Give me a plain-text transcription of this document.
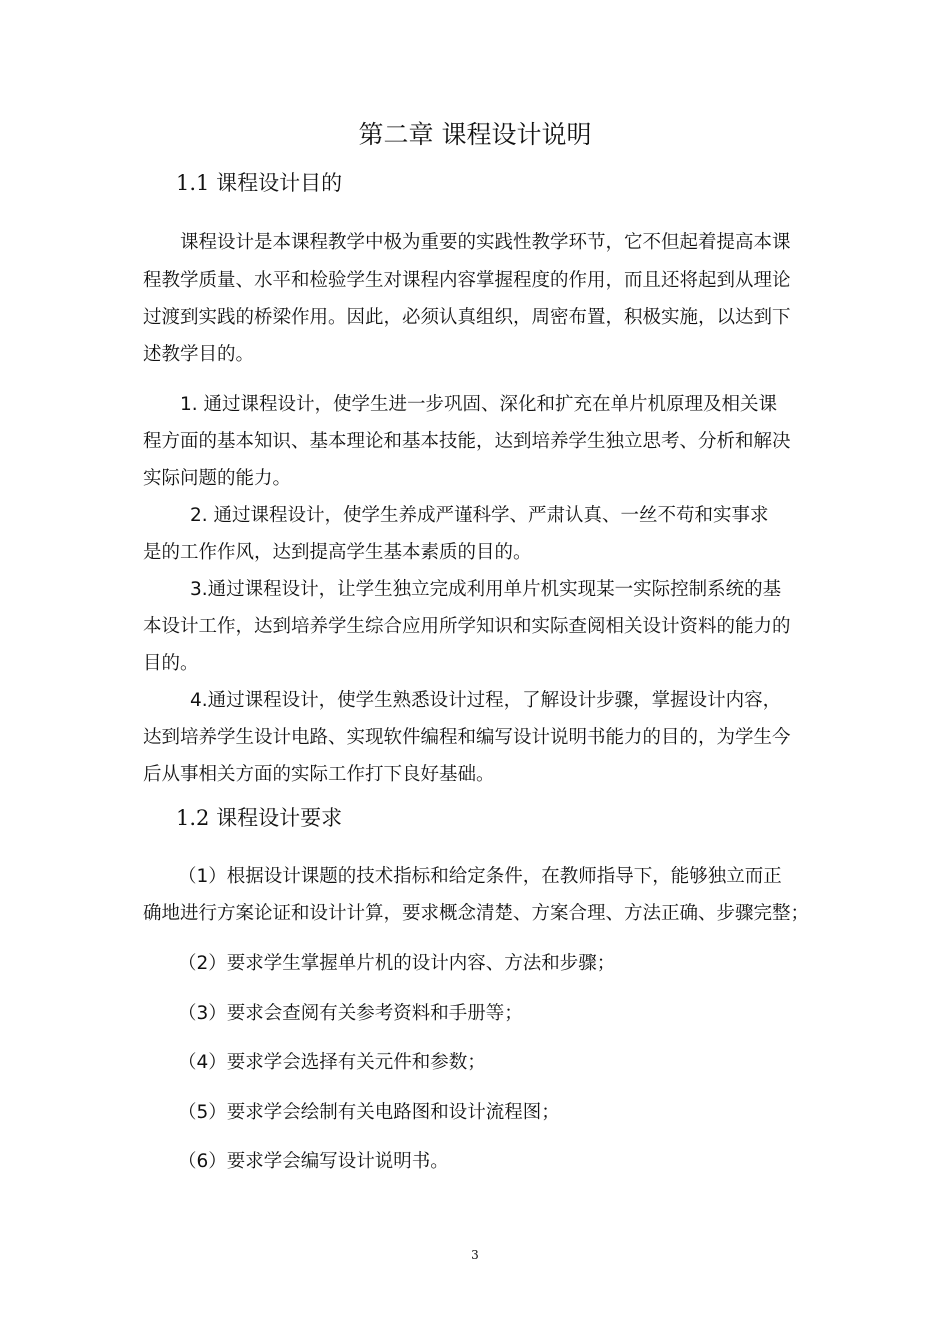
第二章 课程设计说明
1.1 课程设计目的
课程设计是本课程教学中极为重要的实践性教学环节，它不但起着提高本课
程教学质量、水平和检验学生对课程内容掌握程度的作用，而且还将起到从理论
过渡到实践的桥梁作用。因此，必须认真组织，周密布置，积极实施，以达到下
述教学目的。
1. 通过课程设计，使学生进一步巩固、深化和扩充在单片机原理及相关课
程方面的基本知识、基本理论和基本技能，达到培养学生独立思考、分析和解决
实际问题的能力。
2. 通过课程设计，使学生养成严谨科学、严肃认真、一丝不苟和实事求
是的工作作风，达到提高学生基本素质的目的。
3.通过课程设计，让学生独立完成利用单片机实现某一实际控制系统的基
本设计工作，达到培养学生综合应用所学知识和实际查阅相关设计资料的能力的
目的。
4.通过课程设计，使学生熟悉设计过程，了解设计步骤，掌握设计内容，
达到培养学生设计电路、实现软件编程和编写设计说明书能力的目的，为学生今
后从事相关方面的实际工作打下良好基础。
1.2 课程设计要求
（1）根据设计课题的技术指标和给定条件，在教师指导下，能够独立而正
确地进行方案论证和设计计算，要求概念清楚、方案合理、方法正确、步骤完整；
（2）要求学生掌握单片机的设计内容、方法和步骤；
（3）要求会查阅有关参考资料和手册等；
（4）要求学会选择有关元件和参数；
（5）要求学会绘制有关电路图和设计流程图；
（6）要求学会编写设计说明书。
3
